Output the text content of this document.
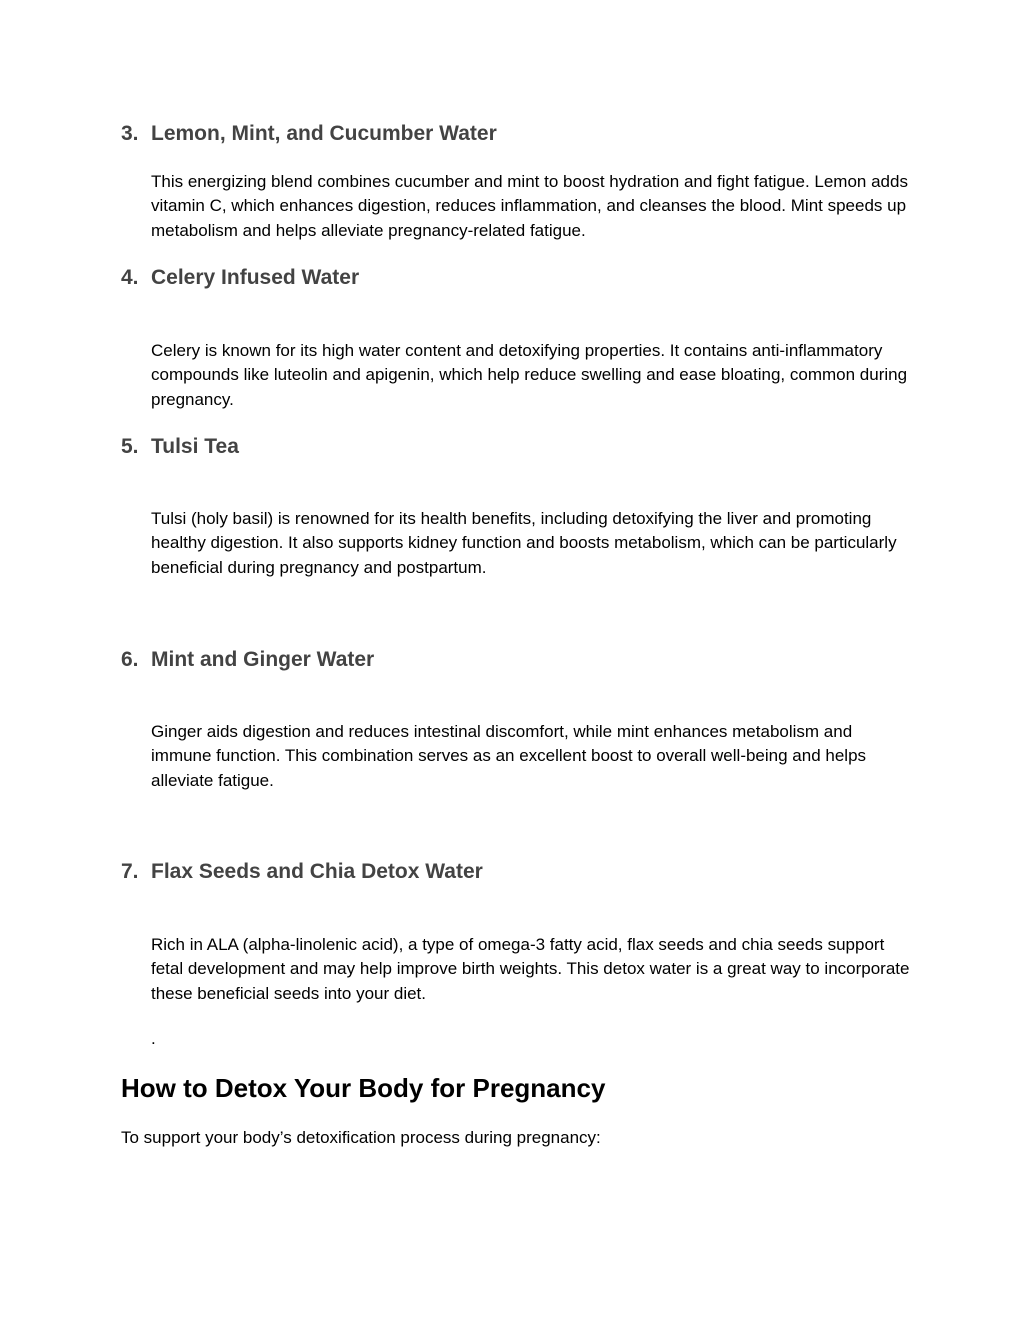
3. Lemon, Mint, and Cucumber Water
This energizing blend combines cucumber and mint to boost hydration and fight fatigue. Lemon adds vitamin C, which enhances digestion, reduces inflammation, and cleanses the blood. Mint speeds up metabolism and helps alleviate pregnancy-related fatigue.
4. Celery Infused Water
Celery is known for its high water content and detoxifying properties. It contains anti-inflammatory compounds like luteolin and apigenin, which help reduce swelling and ease bloating, common during pregnancy.
5. Tulsi Tea
Tulsi (holy basil) is renowned for its health benefits, including detoxifying the liver and promoting healthy digestion. It also supports kidney function and boosts metabolism, which can be particularly beneficial during pregnancy and postpartum.
6. Mint and Ginger Water
Ginger aids digestion and reduces intestinal discomfort, while mint enhances metabolism and immune function. This combination serves as an excellent boost to overall well-being and helps alleviate fatigue.
7. Flax Seeds and Chia Detox Water
Rich in ALA (alpha-linolenic acid), a type of omega-3 fatty acid, flax seeds and chia seeds support fetal development and may help improve birth weights. This detox water is a great way to incorporate these beneficial seeds into your diet.
.
How to Detox Your Body for Pregnancy
To support your body’s detoxification process during pregnancy:
